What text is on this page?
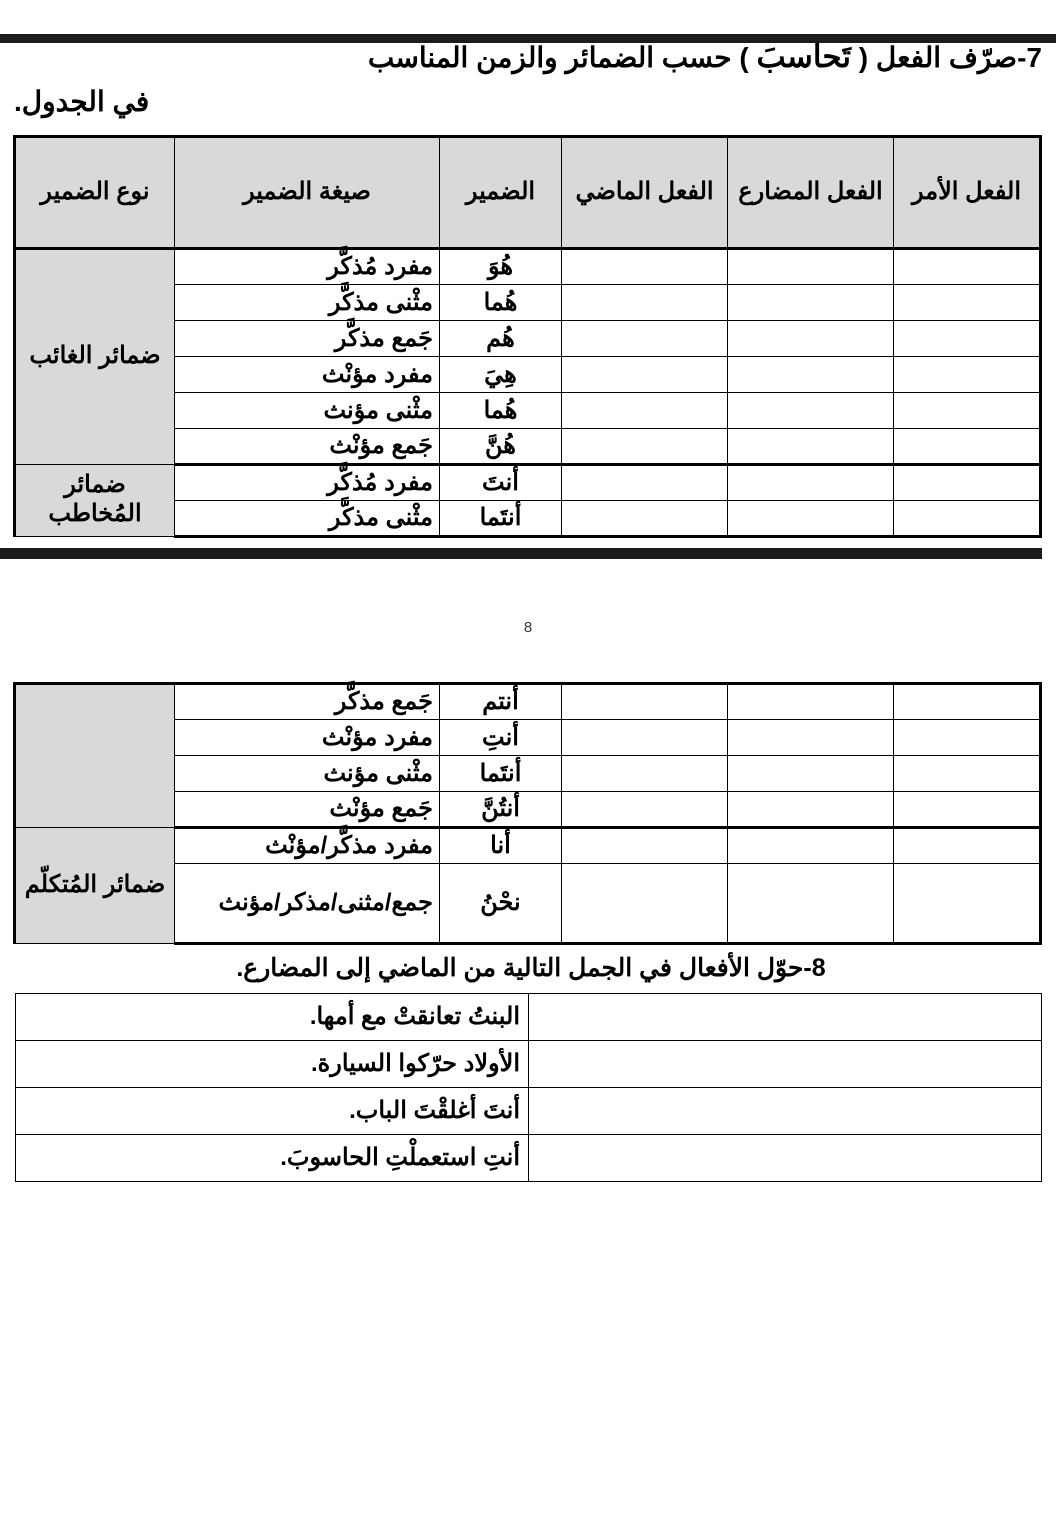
7-صرّف الفعل ( تَحاسبَ ) حسب الضمائر والزمن المناسب
في الجدول.
الفعل الأمر	الفعل المضارع	الفعل الماضي	الضمير	صيغة الضمير	نوع الضمير
			هُوَ	مفرد مُذكَّر	ضمائر الغائب
			هُما	مثْنى مذكَّر	
			هُم	جَمع مذكَّر	
			هِيَ	مفرد مؤنْث	
			هُما	مثْنى مؤنث	
			هُنَّ	جَمع مؤنْث	
			أنتَ	مفرد مُذكَّر	ضمائر المُخاطب
			أنتَما	مثْنى مذكَّر	
8
			أنتم	جَمع مذكَّر	
			أنتِ	مفرد مؤنْث	
			أنتَما	مثْنى مؤنث	
			أنتُنَّ	جَمع مؤنْث	
			أنا	مفرد مذكَّر/مؤنْث	ضمائر المُتكلّم
			نحْنُ	جمع/مثنى/مذكر/مؤنث	
8-حوّل الأفعال في الجمل التالية من الماضي إلى المضارع.
	البنتُ تعانقتْ مع أمها.
	الأولاد حرّكوا السيارة.
	أنتَ أغلقْتَ الباب.
	أنتِ استعملْتِ الحاسوبَ.
